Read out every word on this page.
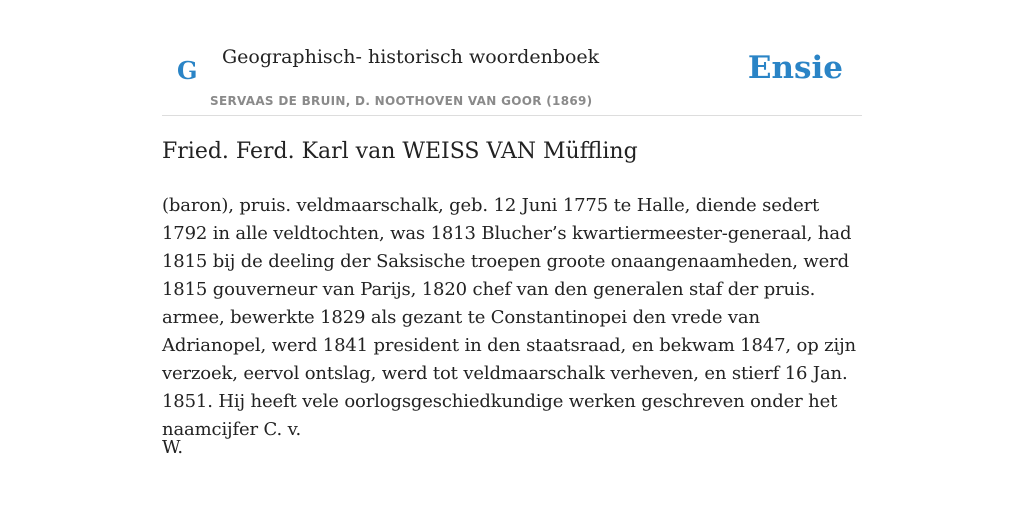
G Geographisch- historisch woordenboek
SERVAAS DE BRUIN, D. NOOTHOVEN VAN GOOR (1869)
Ensie
Fried. Ferd. Karl van WEISS VAN Müffling

(baron), pruis. veldmaarschalk, geb. 12 Juni 1775 te Halle, diende sedert 1792 in alle veldtochten, was 1813 Blucher’s kwartiermeester-generaal, had 1815 bij de deeling der Saksische troepen groote onaangenaamheden, werd 1815 gouverneur van Parijs, 1820 chef van den generalen staf der pruis. armee, bewerkte 1829 als gezant te Constantinopei den vrede van Adrianopel, werd 1841 president in den staatsraad, en bekwam 1847, op zijn verzoek, eervol ontslag, werd tot veldmaarschalk verheven, en stierf 16 Jan. 1851. Hij heeft vele oorlogsgeschiedkundige werken geschreven onder het naamcijfer C. v.

W.
